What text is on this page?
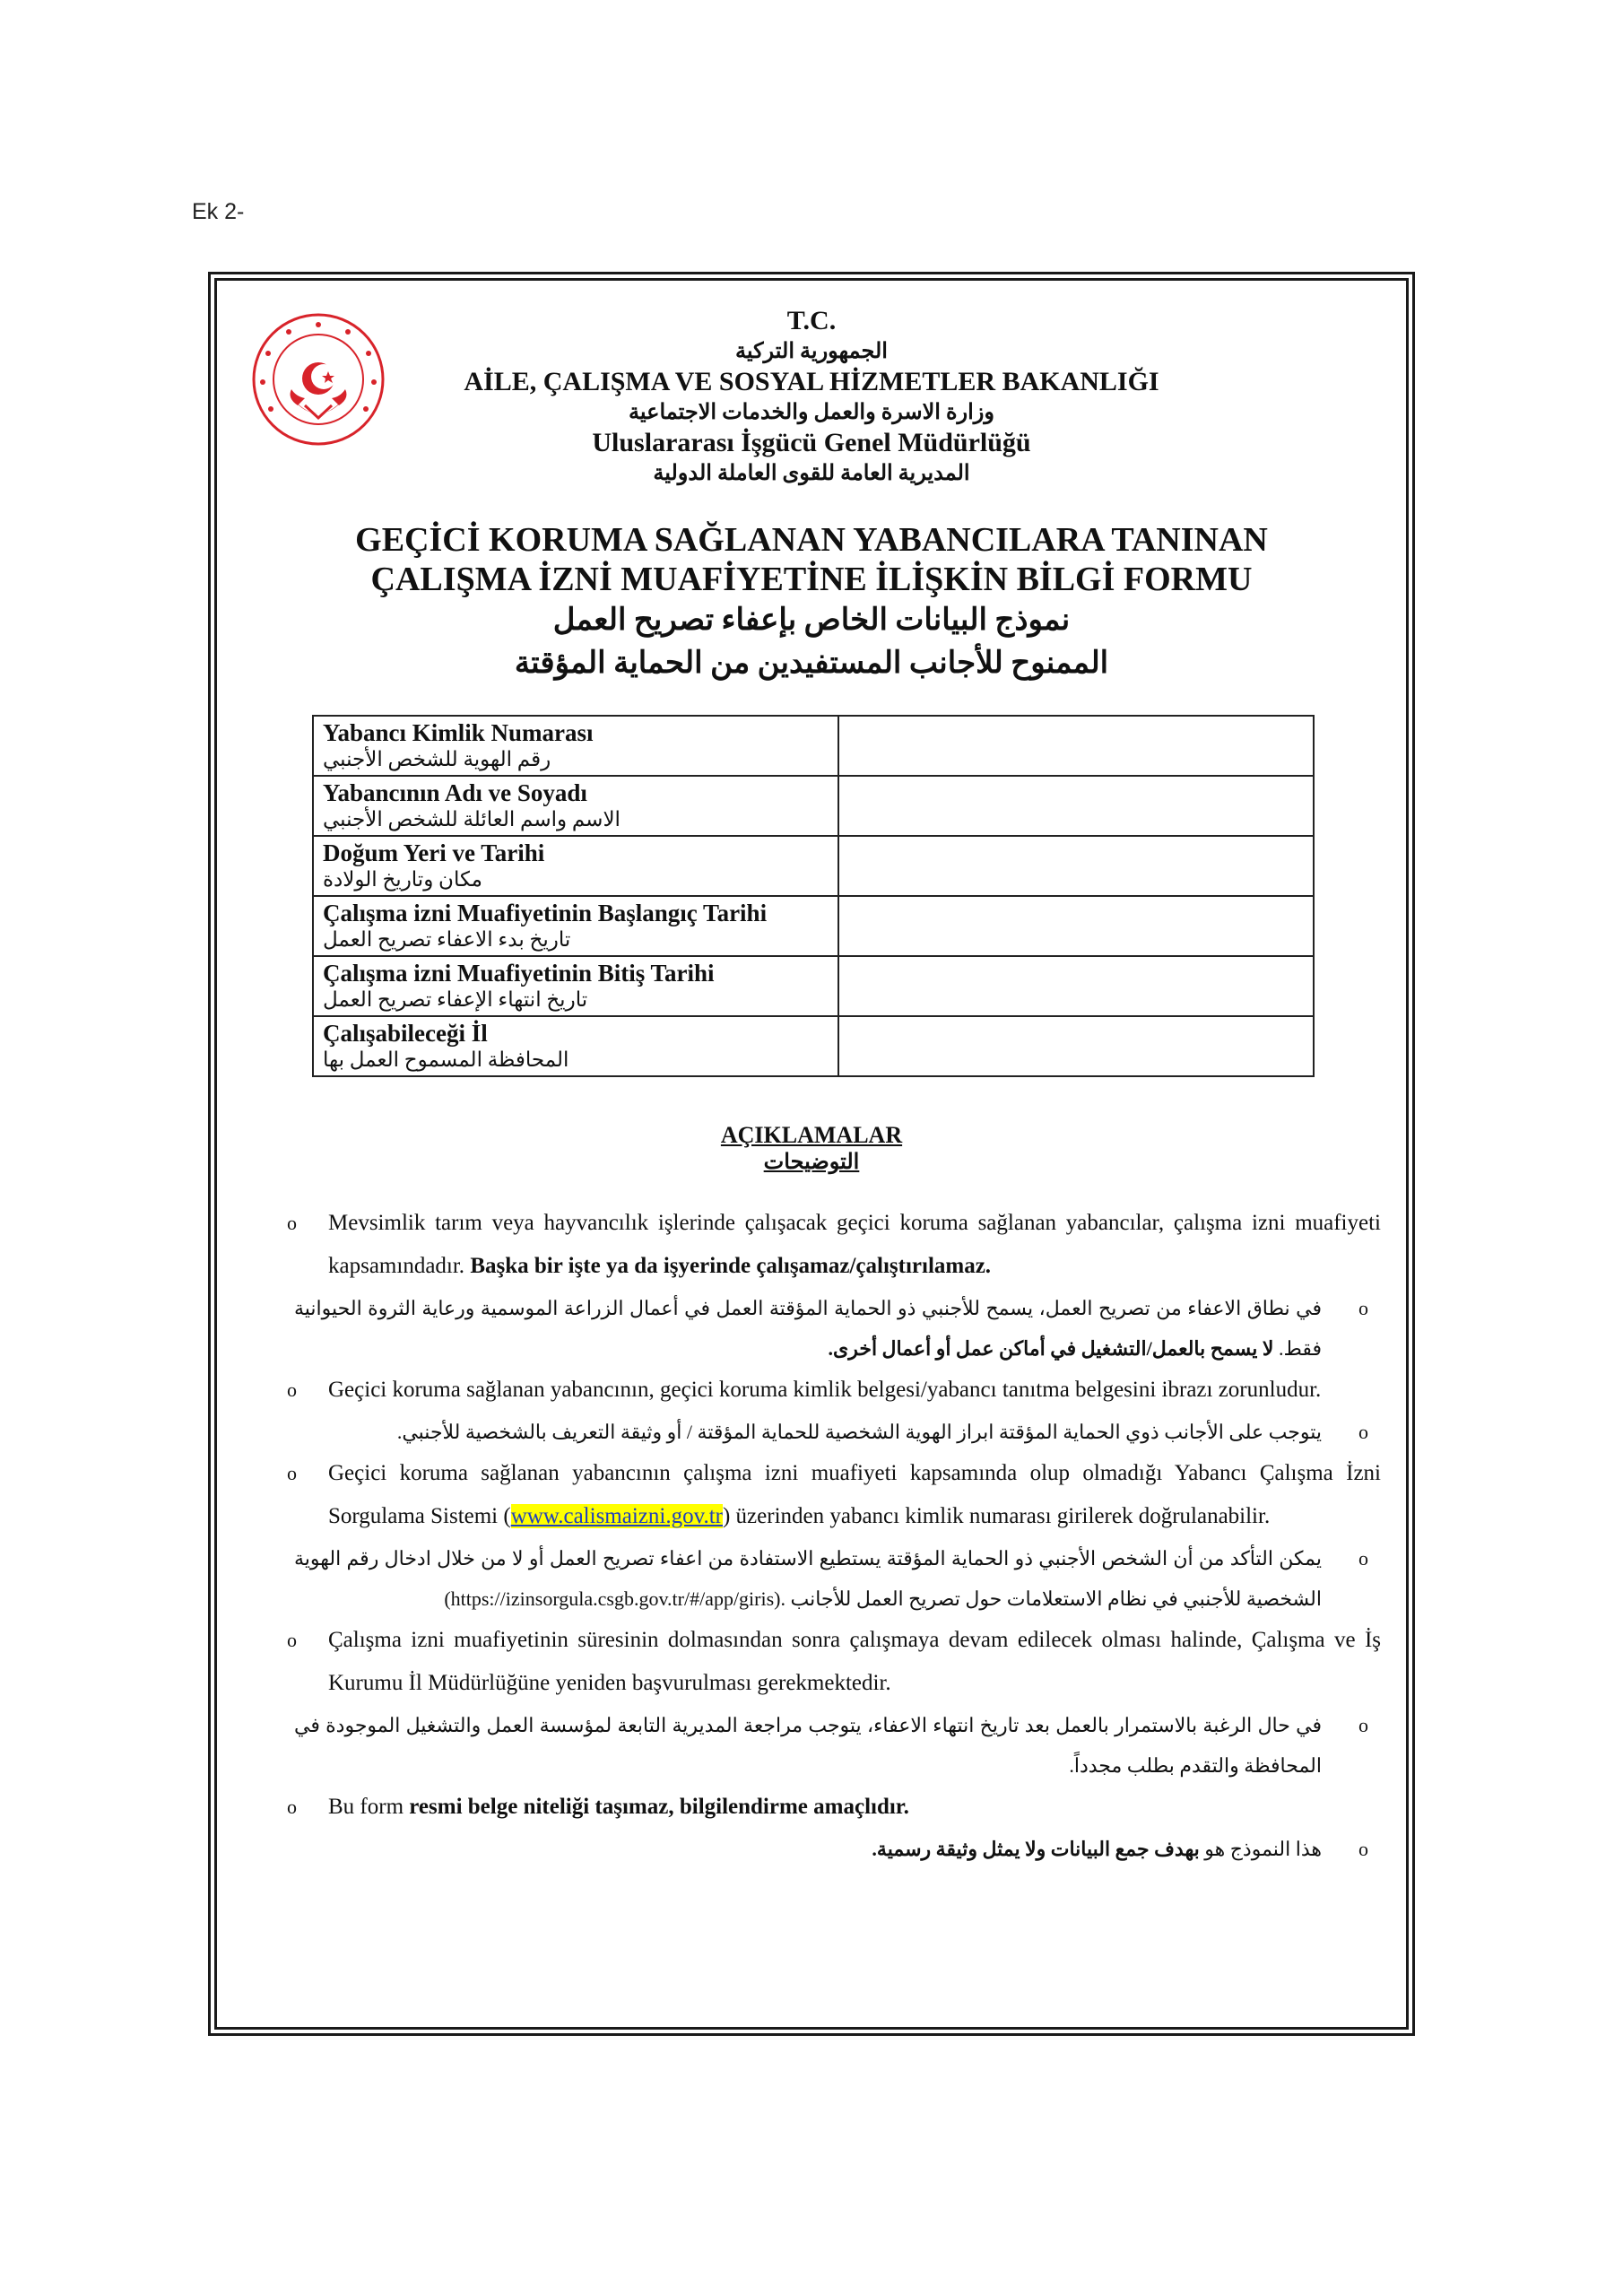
Ek 2-
T.C.
الجمهورية التركية
AİLE, ÇALIŞMA VE SOSYAL HİZMETLER BAKANLIĞI
وزارة الاسرة والعمل والخدمات الاجتماعية
Uluslararası İşgücü Genel Müdürlüğü
المديرية العامة للقوى العاملة الدولية
GEÇİCİ KORUMA SAĞLANAN YABANCILARA TANINAN
ÇALIŞMA İZNİ MUAFİYETİNE İLİŞKİN BİLGİ FORMU
نموذج البيانات الخاص بإعفاء تصريح العمل
الممنوح للأجانب المستفيدين من الحماية المؤقتة
Yabancı Kimlik Numarası
رقم الهوية للشخص الأجنبي	

Yabancının Adı ve Soyadı
الاسم واسم العائلة للشخص الأجنبي	

Doğum Yeri ve Tarihi
مكان وتاريخ الولادة	

Çalışma izni Muafiyetinin Başlangıç Tarihi
تاريخ بدء الاعفاء تصريح العمل	

Çalışma izni Muafiyetinin Bitiş Tarihi
تاريخ انتهاء الإعفاء تصريح العمل	

Çalışabileceği İl
المحافظة المسموح العمل بها	

AÇIKLAMALAR
التوضيحات

o Mevsimlik tarım veya hayvancılık işlerinde çalışacak geçici koruma sağlanan yabancılar, çalışma izni muafiyeti kapsamındadır. Başka bir işte ya da işyerinde çalışamaz/çalıştırılamaz.

o
في نطاق الاعفاء من تصريح العمل، يسمح للأجنبي ذو الحماية المؤقتة العمل في أعمال الزراعة الموسمية ورعاية الثروة الحيوانية فقط. لا يسمح بالعمل/التشغيل في أماكن عمل أو أعمال أخرى.

o Geçici koruma sağlanan yabancının, geçici koruma kimlik belgesi/yabancı tanıtma belgesini ibrazı zorunludur.

o
يتوجب على الأجانب ذوي الحماية المؤقتة ابراز الهوية الشخصية للحماية المؤقتة / أو وثيقة التعريف بالشخصية للأجنبي.

o Geçici koruma sağlanan yabancının çalışma izni muafiyeti kapsamında olup olmadığı Yabancı Çalışma İzni Sorgulama Sistemi (www.calismaizni.gov.tr) üzerinden yabancı kimlik numarası girilerek doğrulanabilir.

o
يمكن التأكد من أن الشخص الأجنبي ذو الحماية المؤقتة يستطيع الاستفادة من اعفاء تصريح العمل أو لا من خلال ادخال رقم الهوية الشخصية للأجنبي في نظام الاستعلامات حول تصريح العمل للأجانب (https://izinsorgula.csgb.gov.tr/#/app/giris).

o Çalışma izni muafiyetinin süresinin dolmasından sonra çalışmaya devam edilecek olması halinde, Çalışma ve İş Kurumu İl Müdürlüğüne yeniden başvurulması gerekmektedir.

o
في حال الرغبة بالاستمرار بالعمل بعد تاريخ انتهاء الاعفاء، يتوجب مراجعة المديرية التابعة لمؤسسة العمل والتشغيل الموجودة في المحافظة والتقدم بطلب مجدداً.

o Bu form resmi belge niteliği taşımaz, bilgilendirme amaçlıdır.

o
هذا النموذج هو بهدف جمع البيانات ولا يمثل وثيقة رسمية.
